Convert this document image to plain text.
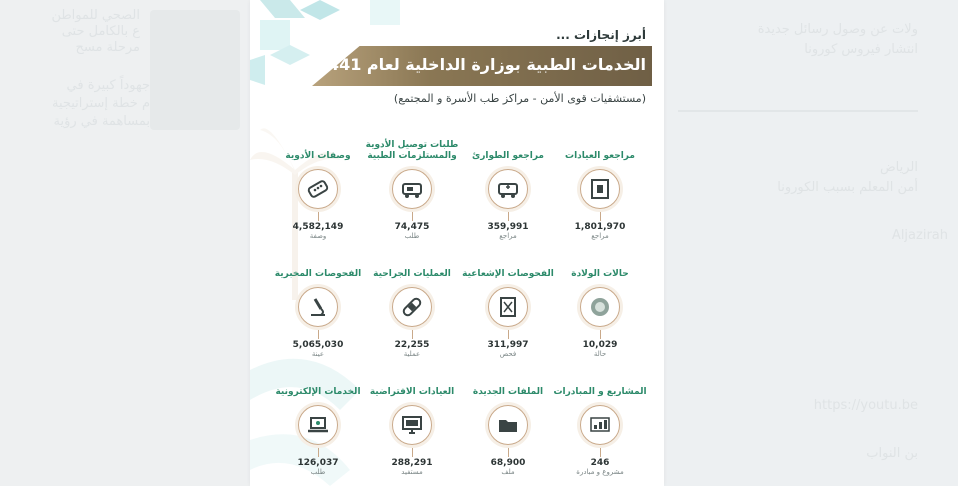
الصحي للمواطن
ع بالكامل حتى
مرحلة مسح
جهوداً كبيرة في
م خطة إستراتيجية
بمساهمة في رؤية
ولات عن وصول رسائل جديدة
انتشار فيروس كورونا
الرياض
أمن المعلم بسبب الكورونا
Aljazirah
https://youtu.be
بن النواب
أبرز إنجازات ...
الخدمات الطبية بوزارة الداخلية لعام 1441هـ
(مستشفيات قوى الأمن - مراكز طب الأسرة و المجتمع)
مراجعو العيادات
1,801,970
مراجع
مراجعو الطوارئ
359,991
مراجع
طلبات توصيل الأدوية والمستلزمات الطبية
74,475
طلب
وصفات الأدوية
4,582,149
وصفة
حالات الولادة
10,029
حالة
الفحوصات الإشعاعية
311,997
فحص
العمليات الجراحية
22,255
عملية
الفحوصات المخبرية
5,065,030
عينة
المشاريع و المبادرات
246
مشروع و مبادرة
الملفات الجديدة
68,900
ملف
العيادات الافتراضية
288,291
مستفيد
الخدمات الإلكترونية
126,037
طلب
